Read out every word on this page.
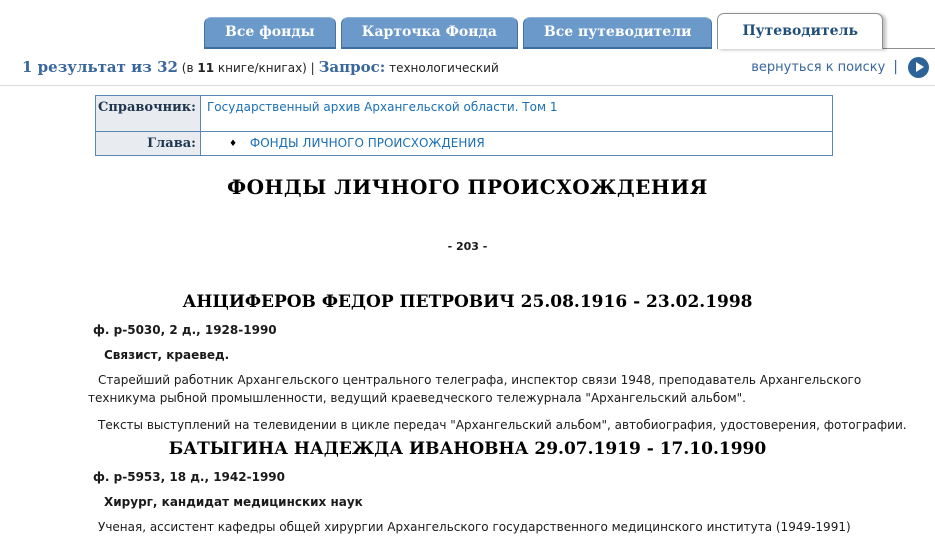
Все фонды	Карточка Фонда	Все путеводители	Путеводитель
1 результат из 32 (в 11 книге/книгах) | Запрос: технологический	вернуться к поиску |
Справочник:	Государственный архив Архангельской области. Том 1
Глава:	♦ ФОНДЫ ЛИЧНОГО ПРОИСХОЖДЕНИЯ
ФОНДЫ ЛИЧНОГО ПРОИСХОЖДЕНИЯ
- 203 -
АНЦИФЕРОВ ФЕДОР ПЕТРОВИЧ 25.08.1916 - 23.02.1998
ф. р-5030, 2 д., 1928-1990
Связист, краевед.
Старейший работник Архангельского центрального телеграфа, инспектор связи 1948, преподаватель Архангельского техникума рыбной промышленности, ведущий краеведческого тележурнала "Архангельский альбом".
Тексты выступлений на телевидении в цикле передач "Архангельский альбом", автобиография, удостоверения, фотографии.
БАТЫГИНА НАДЕЖДА ИВАНОВНА 29.07.1919 - 17.10.1990
ф. р-5953, 18 д., 1942-1990
Хирург, кандидат медицинских наук
Ученая, ассистент кафедры общей хирургии Архангельского государственного медицинского института (1949-1991)
